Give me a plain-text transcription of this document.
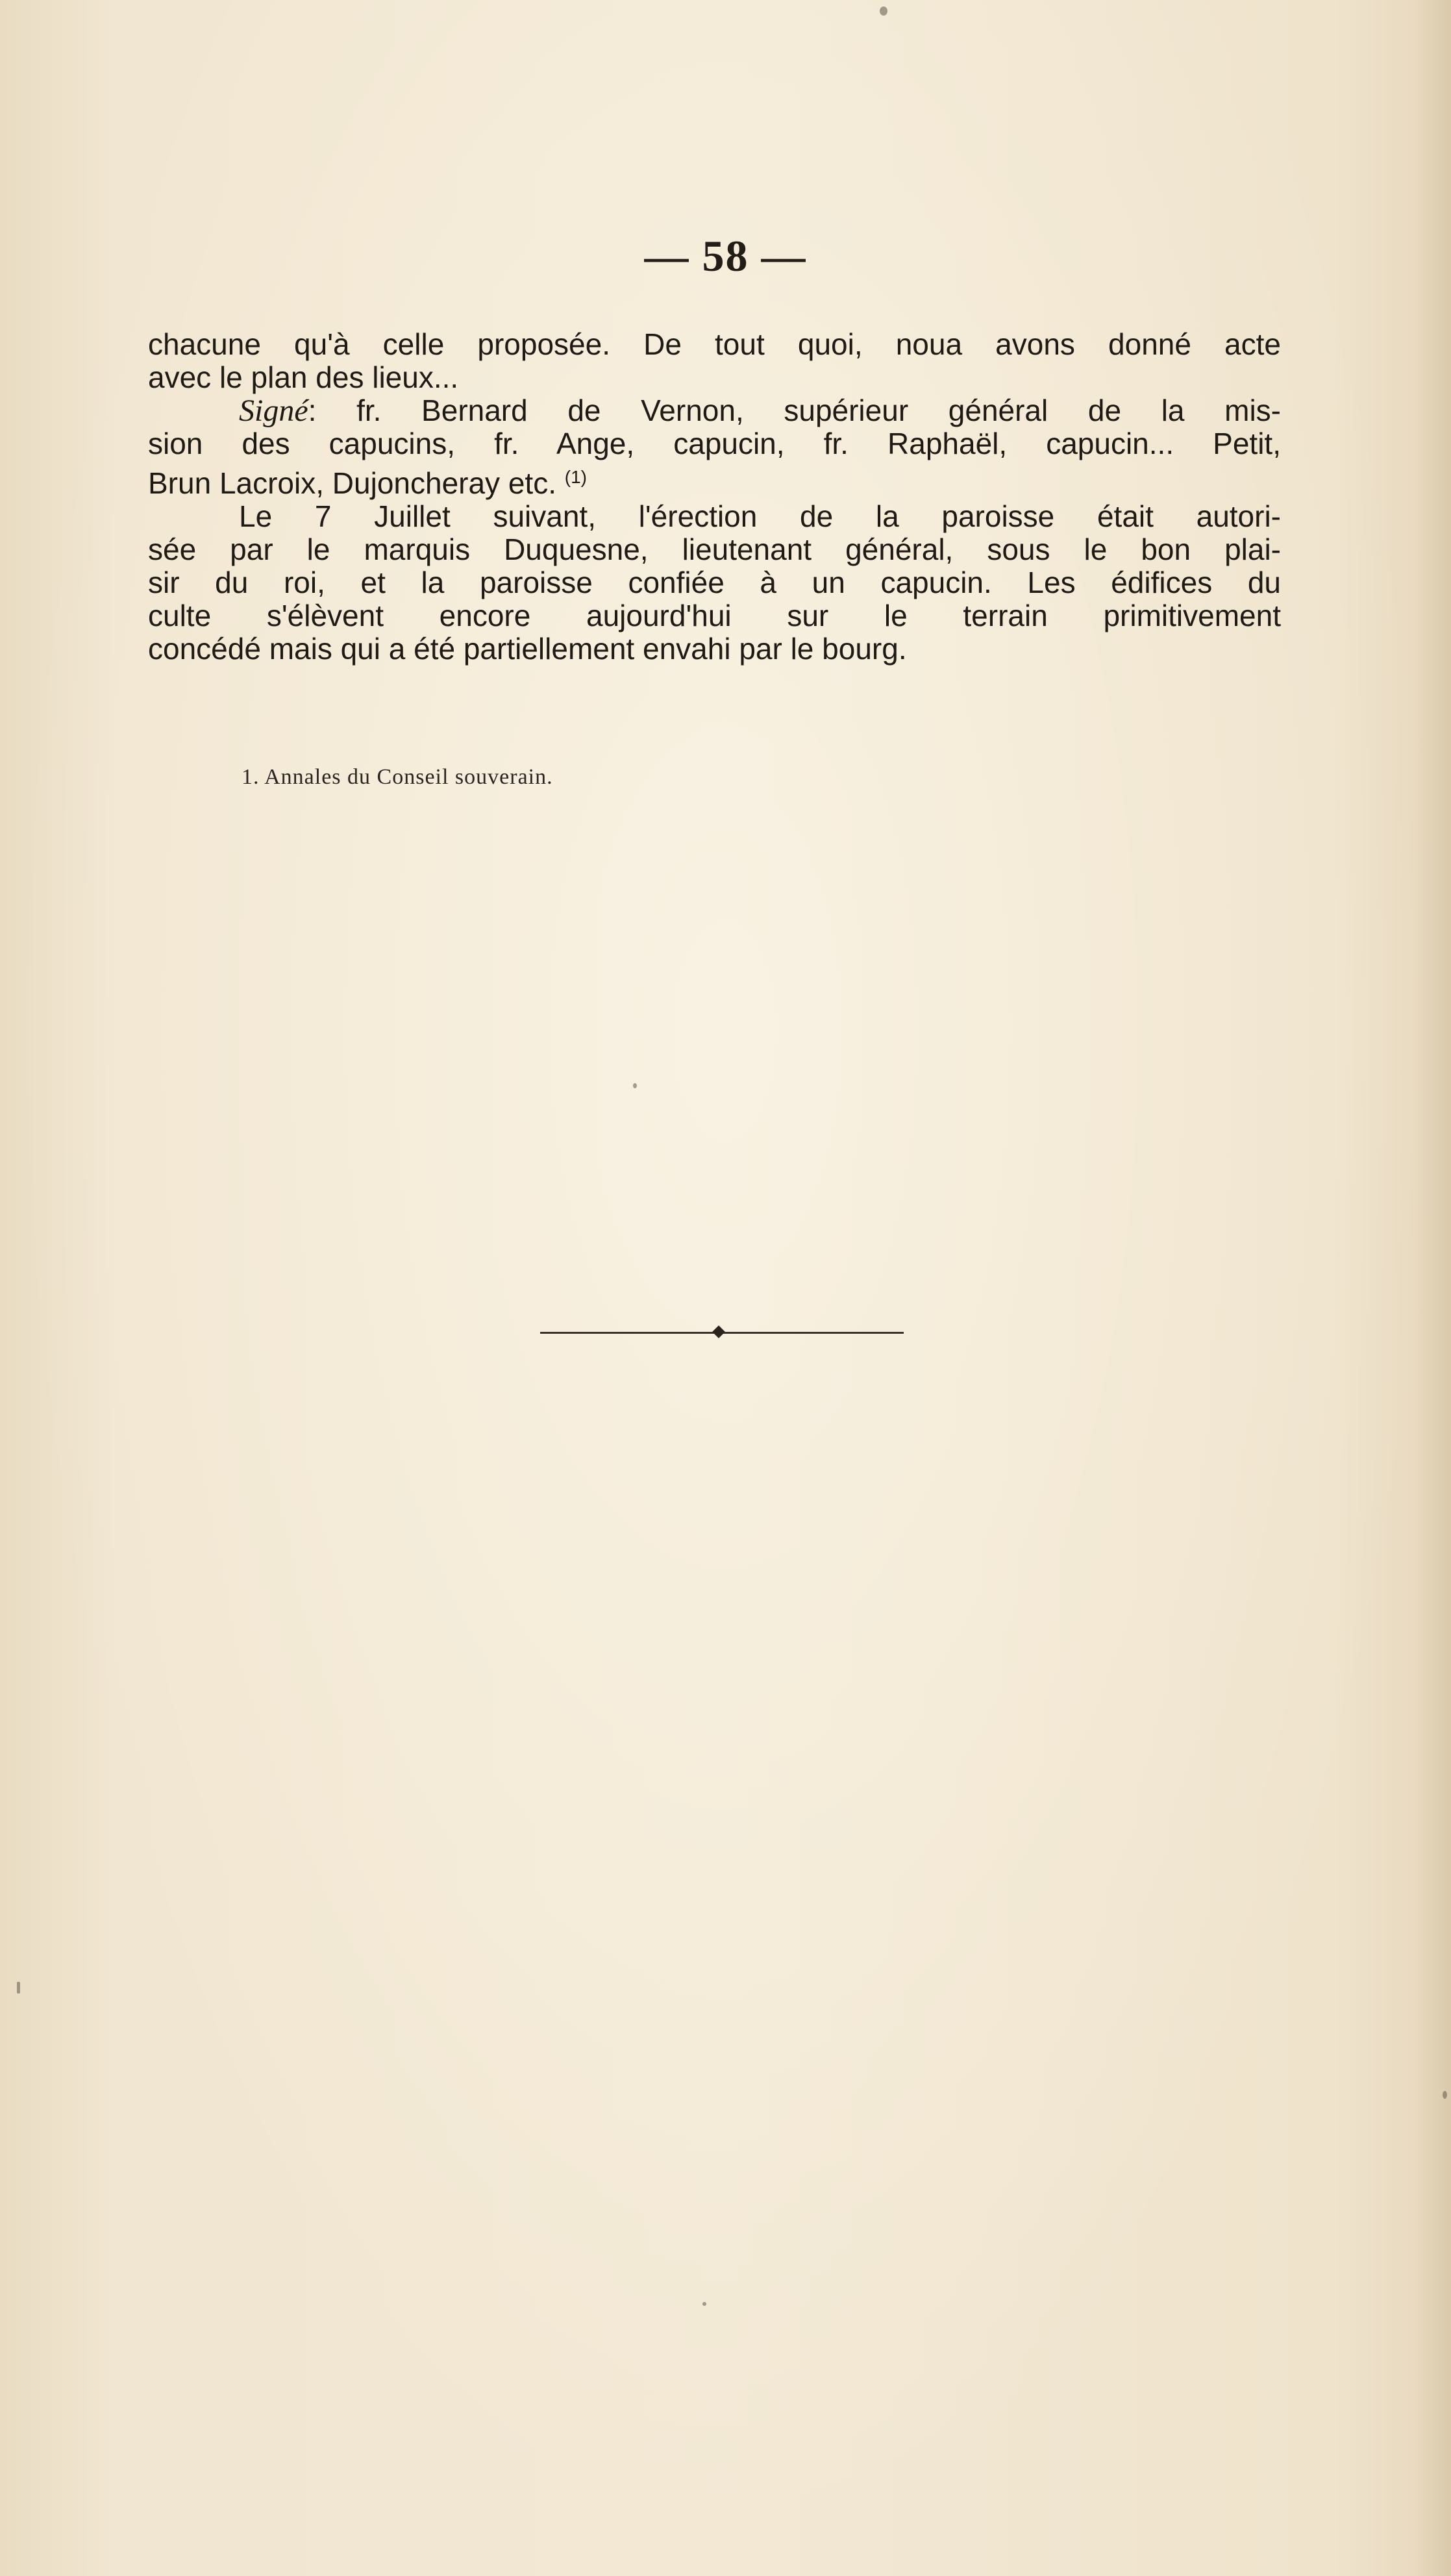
— 58 —
chacune qu'à celle proposée. De tout quoi, noua avons donné acte
avec le plan des lieux...
Signé: fr. Bernard de Vernon, supérieur général de la mis-
sion des capucins, fr. Ange, capucin, fr. Raphaël, capucin... Petit,
Brun Lacroix, Dujoncheray etc. $^{(1)}$
Le 7 Juillet suivant, l'érection de la paroisse était autori-
sée par le marquis Duquesne, lieutenant général, sous le bon plai-
sir du roi, et la paroisse confiée à un capucin. Les édifices du
culte s'élèvent encore aujourd'hui sur le terrain primitivement
concédé mais qui a été partiellement envahi par le bourg.
1. Annales du Conseil souverain.
